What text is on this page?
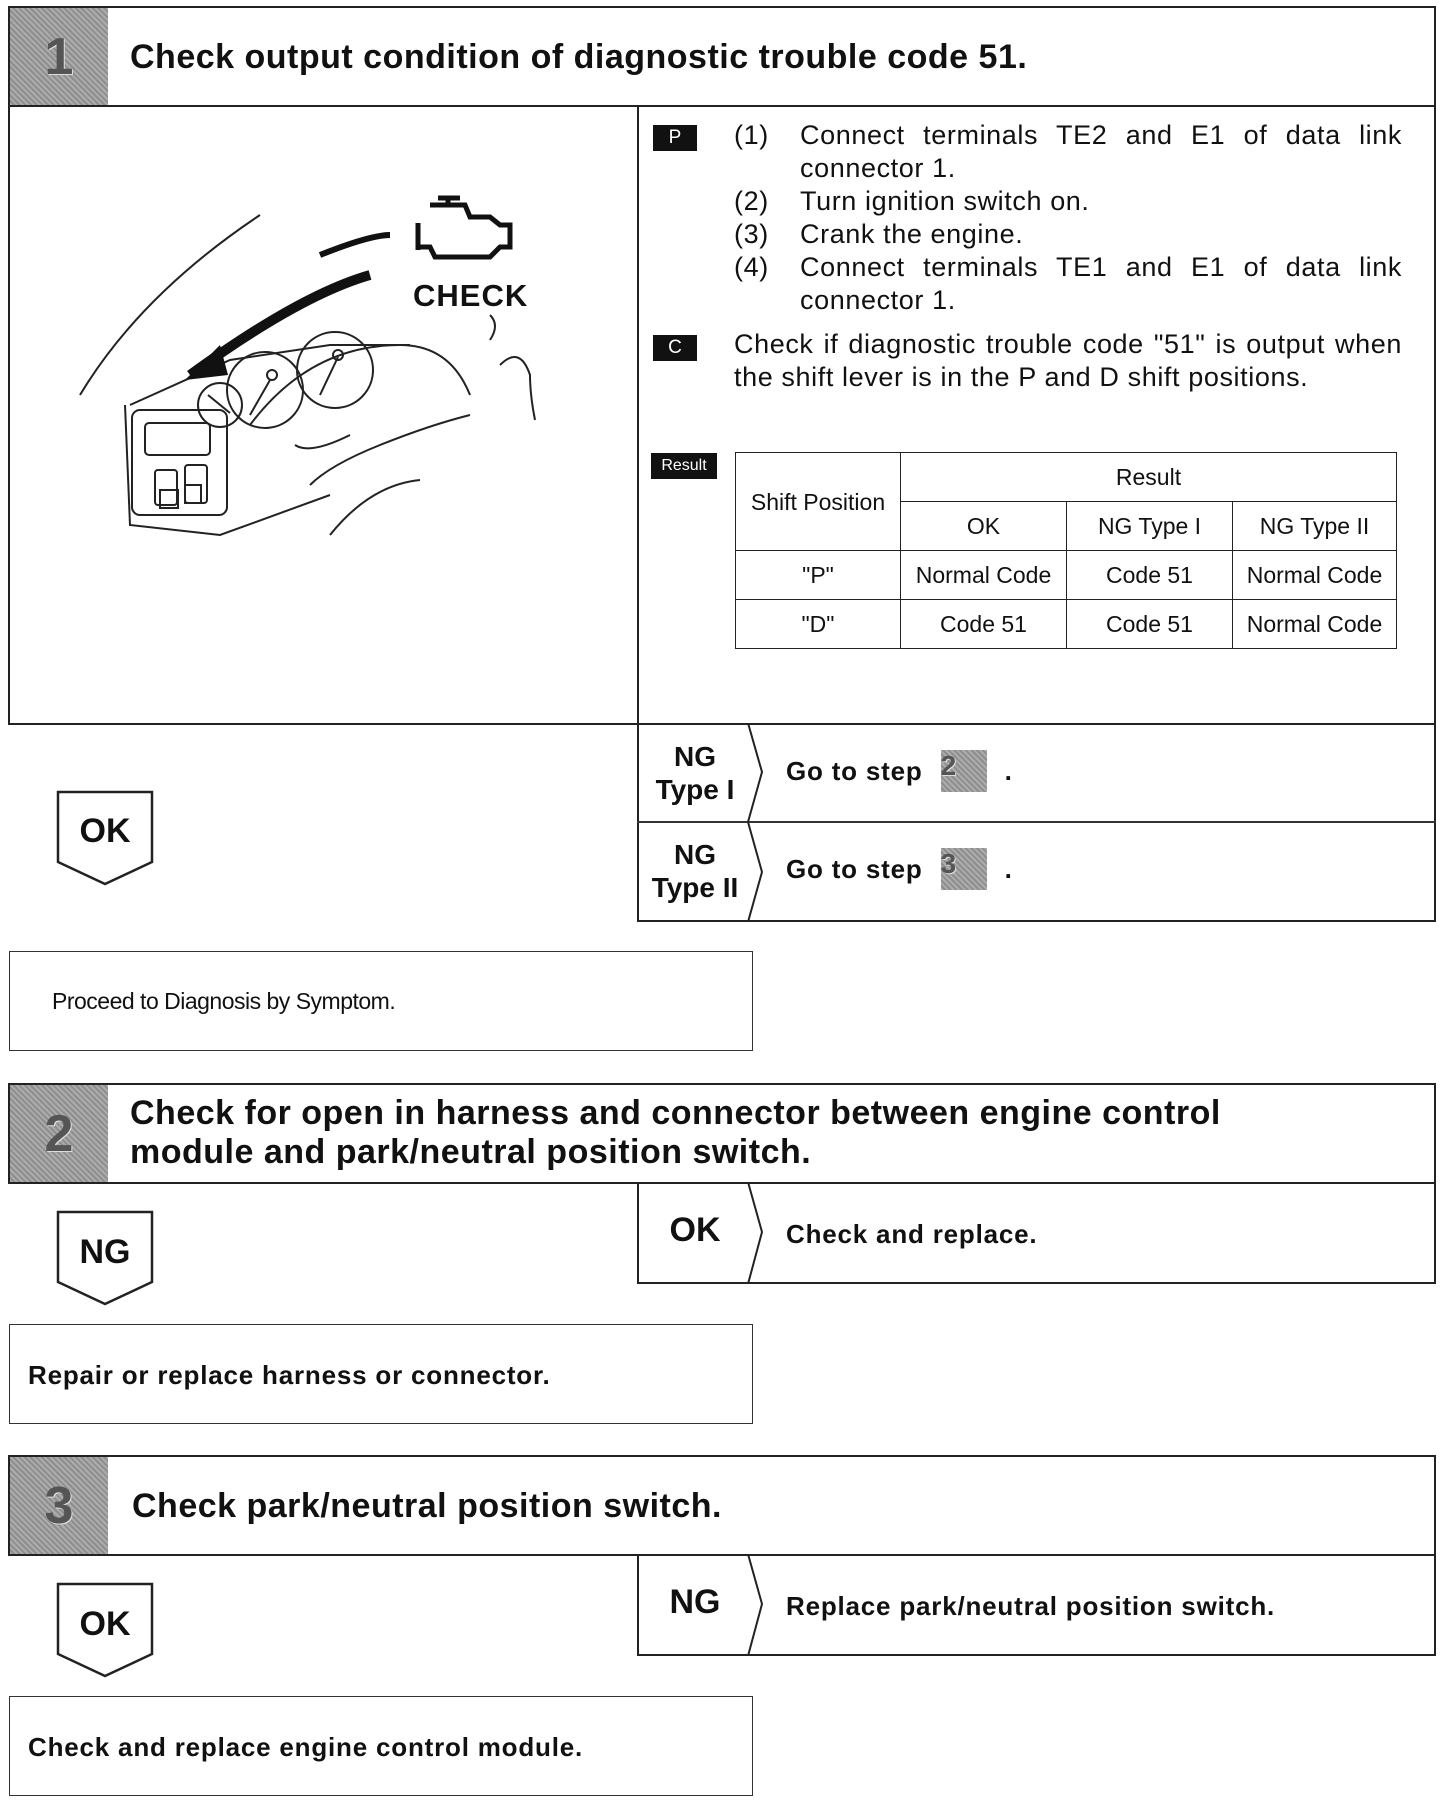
1	Check output condition of diagnostic trouble code 51.
CHECK
P	(1)	Connect terminals TE2 and E1 of data link connector 1.
(2)	Turn ignition switch on.
(3)	Crank the engine.
(4)	Connect terminals TE1 and E1 of data link connector 1.
C	Check if diagnostic trouble code "51" is output when the shift lever is in the P and D shift positions.
Result
Shift Position	Result		
	OK	NG Type I	NG Type II
"P"	Normal Code	Code 51	Normal Code
"D"	Code 51	Code 51	Normal Code
NG
Type I
Go to step 2	.
NG
Type II
Go to step 3	.
OK
Proceed to Diagnosis by Symptom.
2	Check for open in harness and connector between engine control
module and park/neutral position switch.
NG
OK	Check and replace.
Repair or replace harness or connector.
3	Check park/neutral position switch.
OK
NG	Replace park/neutral position switch.
Check and replace engine control module.
